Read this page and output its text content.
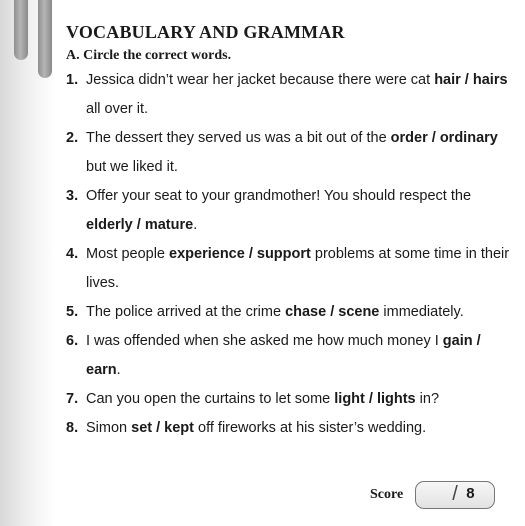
VOCABULARY AND GRAMMAR
A. Circle the correct words.
1. Jessica didn’t wear her jacket because there were cat hair / hairs all over it.
2. The dessert they served us was a bit out of the order / ordinary but we liked it.
3. Offer your seat to your grandmother! You should respect the elderly / mature.
4. Most people experience / support problems at some time in their lives.
5. The police arrived at the crime chase / scene immediately.
6. I was offended when she asked me how much money I gain / earn.
7. Can you open the curtains to let some light / lights in?
8. Simon set / kept off fireworks at his sister’s wedding.
Score / 8
